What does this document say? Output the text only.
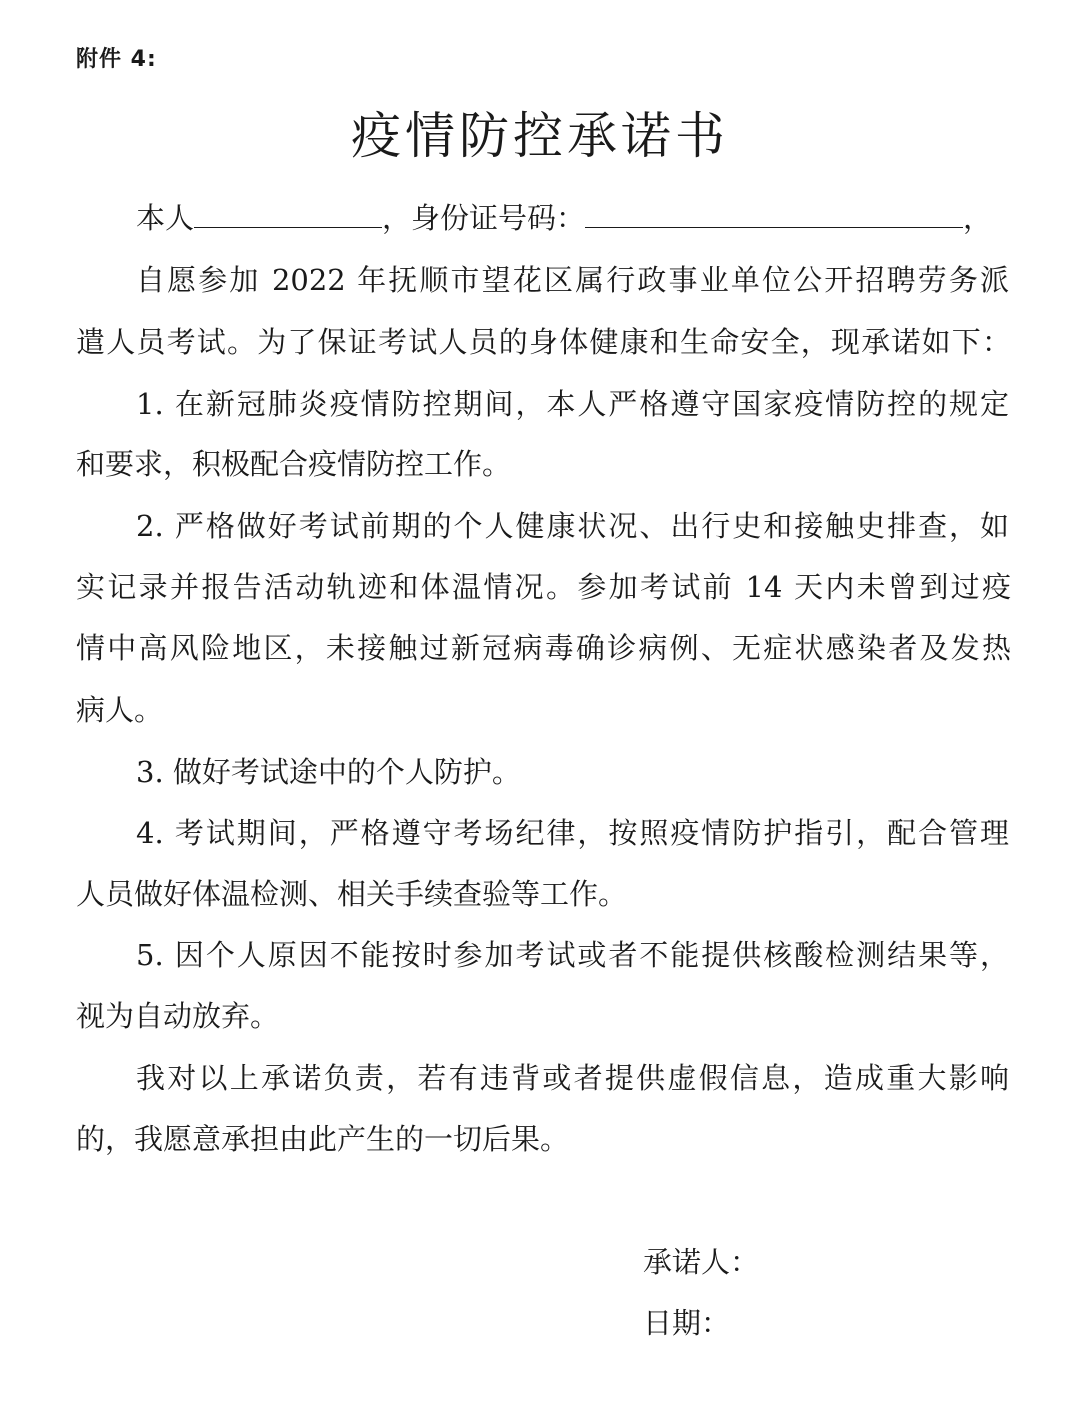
附件 4:
疫情防控承诺书
本人	，身份证号码：	，
自愿参加 2022 年抚顺市望花区属行政事业单位公开招聘劳务派
遣人员考试。为了保证考试人员的身体健康和生命安全，现承诺如下：
1. 在新冠肺炎疫情防控期间，本人严格遵守国家疫情防控的规定
和要求，积极配合疫情防控工作。
2. 严格做好考试前期的个人健康状况、出行史和接触史排查，如
实记录并报告活动轨迹和体温情况。参加考试前 14 天内未曾到过疫
情中高风险地区，未接触过新冠病毒确诊病例、无症状感染者及发热
病人。
3. 做好考试途中的个人防护。
4. 考试期间，严格遵守考场纪律，按照疫情防护指引，配合管理
人员做好体温检测、相关手续查验等工作。
5. 因个人原因不能按时参加考试或者不能提供核酸检测结果等，
视为自动放弃。
我对以上承诺负责，若有违背或者提供虚假信息，造成重大影响
的，我愿意承担由此产生的一切后果。
承诺人：
日期：
